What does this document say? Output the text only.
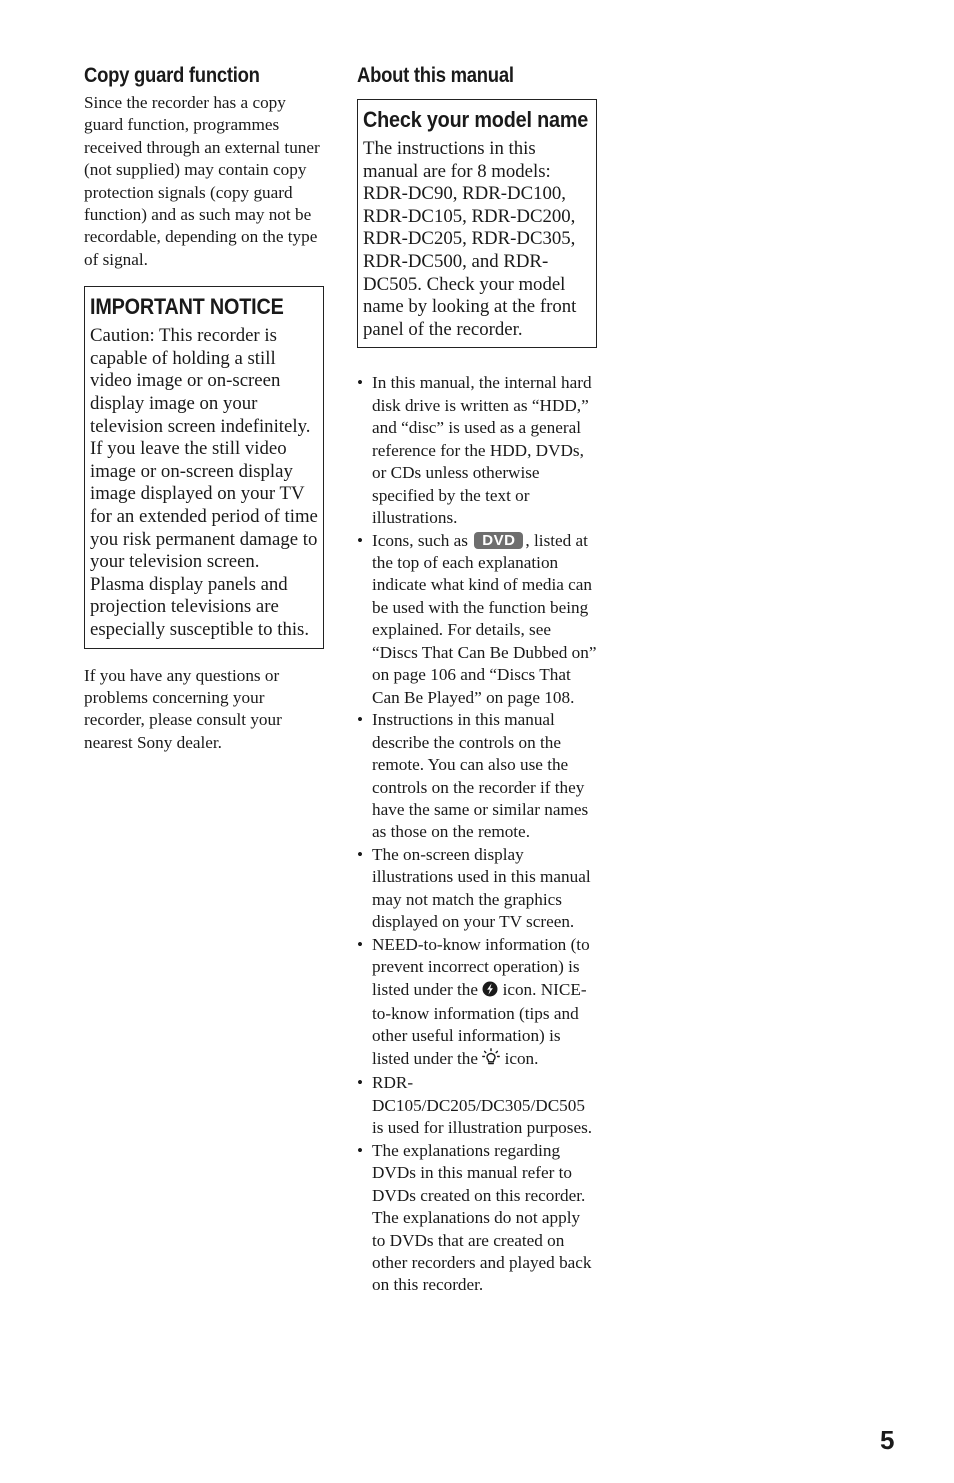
Copy guard function

Since the recorder has a copy guard function, programmes received through an external tuner (not supplied) may contain copy protection signals (copy guard function) and as such may not be recordable, depending on the type of signal.

IMPORTANT NOTICE

Caution: This recorder is capable of holding a still video image or on-screen display image on your television screen indefinitely. If you leave the still video image or on-screen display image displayed on your TV for an extended period of time you risk permanent damage to your television screen. Plasma display panels and projection televisions are especially susceptible to this.

If you have any questions or problems concerning your recorder, please consult your nearest Sony dealer.

About this manual
Check your model name

The instructions in this manual are for 8 models: RDR-DC90, RDR-DC100, RDR-DC105, RDR-DC200, RDR-DC205, RDR-DC305, RDR-DC500, and RDR-DC505. Check your model name by looking at the front panel of the recorder.

• In this manual, the internal hard disk drive is written as “HDD,” and “disc” is used as a general reference for the HDD, DVDs, or CDs unless otherwise specified by the text or illustrations.
• Icons, such as DVD , listed at the top of each explanation indicate what kind of media can be used with the function being explained. For details, see “Discs That Can Be Dubbed on” on page 106 and “Discs That Can Be Played” on page 108.
• Instructions in this manual describe the controls on the remote. You can also use the controls on the recorder if they have the same or similar names as those on the remote.
• The on-screen display illustrations used in this manual may not match the graphics displayed on your TV screen.
• NEED-to-know information (to prevent incorrect operation) is listed under the icon. NICE-to-know information (tips and other useful information) is listed under the icon.
• RDR-DC105/DC205/DC305/DC505 is used for illustration purposes.
• The explanations regarding DVDs in this manual refer to DVDs created on this recorder. The explanations do not apply to DVDs that are created on other recorders and played back on this recorder.
5
